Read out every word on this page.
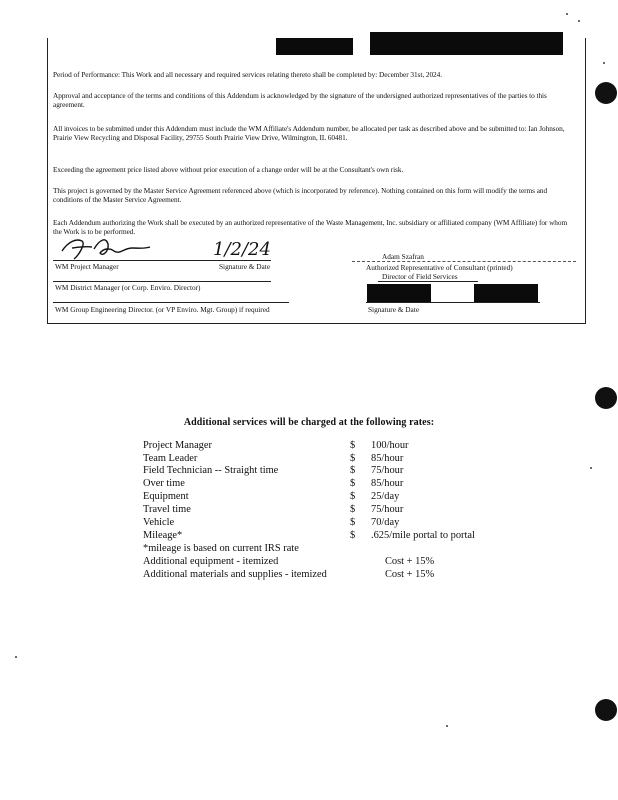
Period of Performance: This Work and all necessary and required services relating thereto shall be completed by: December 31st, 2024.
Approval and acceptance of the terms and conditions of this Addendum is acknowledged by the signature of the undersigned authorized representatives of the parties to this agreement.
All invoices to be submitted under this Addendum must include the WM Affiliate's Addendum number, be allocated per task as described above and be submitted to: Ian Johnson, Prairie View Recycling and Disposal Facility, 29755 South Prairie View Drive, Wilmington, IL 60481.
Exceeding the agreement price listed above without prior execution of a change order will be at the Consultant's own risk.
This project is governed by the Master Service Agreement referenced above (which is incorporated by reference). Nothing contained on this form will modify the terms and conditions of the Master Service Agreement.
Each Addendum authorizing the Work shall be executed by an authorized representative of the Waste Management, Inc. subsidiary or affiliated company (WM Affiliate) for whom the Work is to be performed.
1/2/24
WM Project Manager	Signature & Date
Adam Szafran
Authorized Representative of Consultant (printed)
Director of Field Services
WM District Manager (or Corp. Enviro. Director)
WM Group Engineering Director. (or VP Enviro. Mgt. Group) if required	Signature & Date
Additional services will be charged at the following rates:
Project Manager	$ 100/hour
Team Leader	$ 85/hour
Field Technician -- Straight time	$ 75/hour
Over time	$ 85/hour
Equipment	$ 25/day
Travel time	$ 75/hour
Vehicle	$ 70/day
Mileage*	$ .625/mile portal to portal
*mileage is based on current IRS rate
Additional equipment - itemized	Cost + 15%
Additional materials and supplies - itemized	Cost + 15%
